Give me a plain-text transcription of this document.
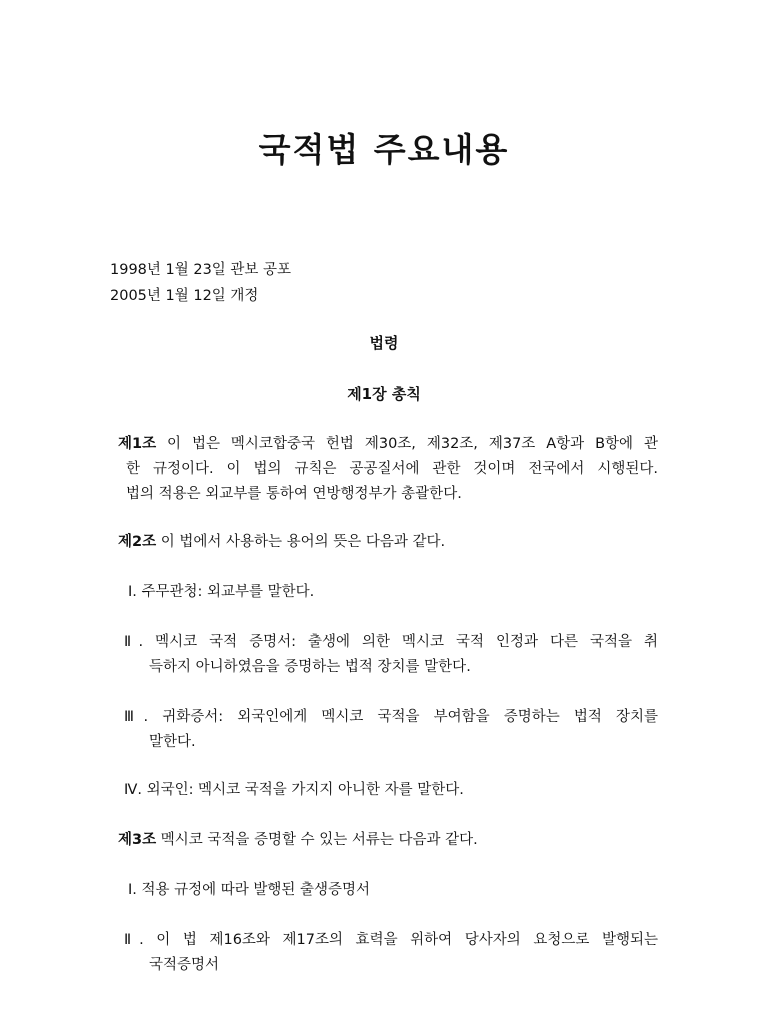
국적법 주요내용
1998년 1월 23일 관보 공포
2005년 1월 12일 개정
법령
제1장 총칙
제1조 이 법은 멕시코합중국 헌법 제30조, 제32조, 제37조 A항과 B항에 관
한 규정이다. 이 법의 규칙은 공공질서에 관한 것이며 전국에서 시행된다.
법의 적용은 외교부를 통하여 연방행정부가 총괄한다.
제2조 이 법에서 사용하는 용어의 뜻은 다음과 같다.
Ⅰ. 주무관청: 외교부를 말한다.
Ⅱ. 멕시코 국적 증명서: 출생에 의한 멕시코 국적 인정과 다른 국적을 취
득하지 아니하였음을 증명하는 법적 장치를 말한다.
Ⅲ. 귀화증서: 외국인에게 멕시코 국적을 부여함을 증명하는 법적 장치를
말한다.
Ⅳ. 외국인: 멕시코 국적을 가지지 아니한 자를 말한다.
제3조 멕시코 국적을 증명할 수 있는 서류는 다음과 같다.
Ⅰ. 적용 규정에 따라 발행된 출생증명서
Ⅱ. 이 법 제16조와 제17조의 효력을 위하여 당사자의 요청으로 발행되는
국적증명서
